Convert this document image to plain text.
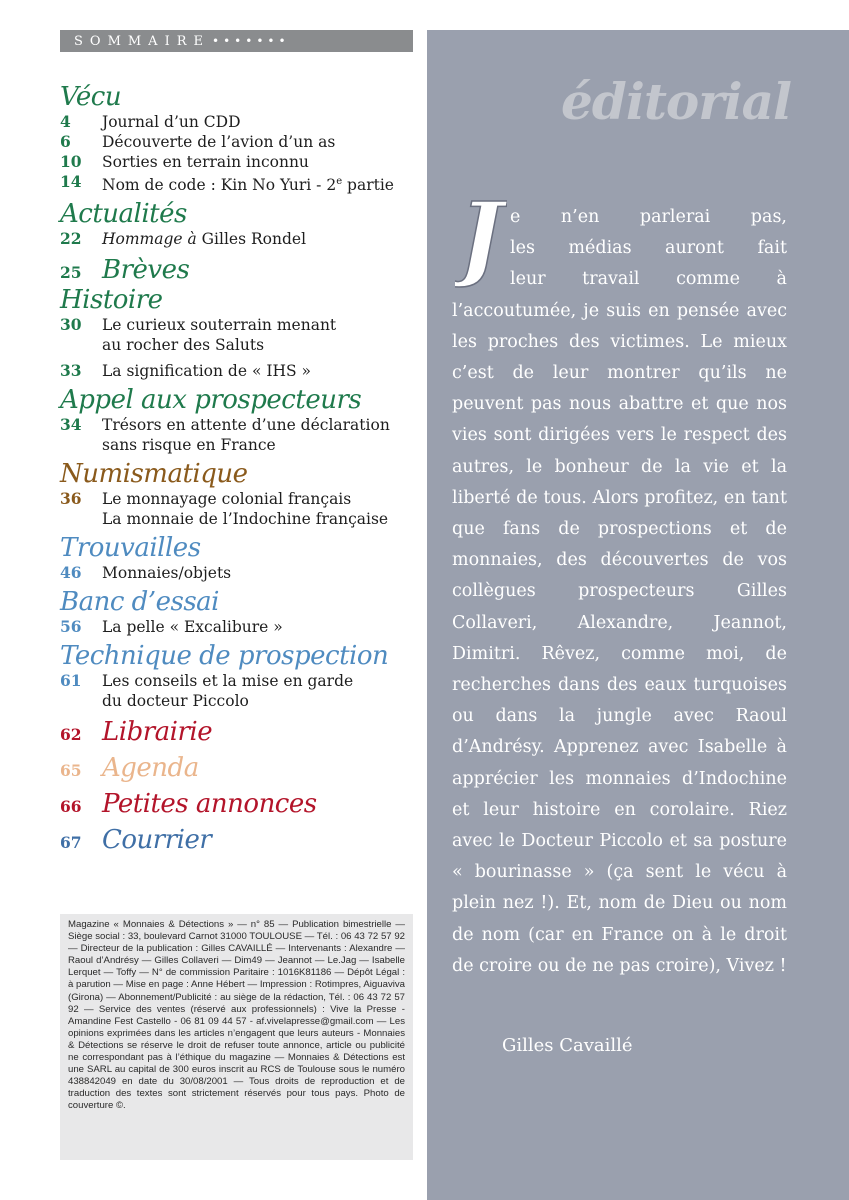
SOMMAIRE •••••••
Vécu
4	Journal d’un CDD
6	Découverte de l’avion d’un as
10	Sorties en terrain inconnu
14	Nom de code : Kin No Yuri - 2e partie
Actualités
22	Hommage à Gilles Rondel
25 Brèves
Histoire
30	Le curieux souterrain menant
au rocher des Saluts
33	La signification de « IHS »
Appel aux prospecteurs
34	Trésors en attente d’une déclaration
sans risque en France
Numismatique
36	Le monnayage colonial français
La monnaie de l’Indochine française
Trouvailles
46	Monnaies/objets
Banc d’essai
56	La pelle « Excalibure »
Technique de prospection
61	Les conseils et la mise en garde
du docteur Piccolo
62 Librairie
65 Agenda
66 Petites annonces
67 Courrier
Magazine « Monnaies & Détections » — n° 85 — Publication bimestrielle — Siège social : 33, boulevard Carnot 31000 TOULOUSE — Tél. : 06 43 72 57 92 — Directeur de la publication : Gilles CAVAILLÉ — Intervenants : Alexandre — Raoul d’Andrésy — Gilles Collaveri — Dim49 — Jeannot — Le.Jag — Isabelle Lerquet — Toffy — N° de commission Paritaire : 1016K81186 — Dépôt Légal : à parution — Mise en page : Anne Hébert — Impression : Rotimpres, Aiguaviva (Girona) — Abonnement/Publicité : au siège de la rédaction, Tél. : 06 43 72 57 92 — Service des ventes (réservé aux professionnels) : Vive la Presse - Amandine Fest Castello - 06 81 09 44 57 - af.vivelapresse@gmail.com — Les opinions exprimées dans les articles n’engagent que leurs auteurs - Monnaies & Détections se réserve le droit de refuser toute annonce, article ou publicité ne correspondant pas à l’éthique du magazine — Monnaies & Détections est une SARL au capital de 300 euros inscrit au RCS de Toulouse sous le numéro 438842049 en date du 30/08/2001 — Tous droits de reproduction et de traduction des textes sont strictement réservés pour tous pays. Photo de couverture ©.
éditorial
J e n’en parlerai pas,
les médias auront fait
leur travail comme à
l’accoutumée, je suis en pensée avec les proches des victimes. Le mieux c’est de leur montrer qu’ils ne peuvent pas nous abattre et que nos vies sont dirigées vers le respect des autres, le bonheur de la vie et la liberté de tous. Alors profitez, en tant que fans de prospections et de monnaies, des découvertes de vos collègues prospecteurs Gilles Collaveri, Alexandre, Jeannot, Dimitri. Rêvez, comme moi, de recherches dans des eaux turquoises ou dans la jungle avec Raoul d’Andrésy. Apprenez avec Isabelle à apprécier les monnaies d’Indochine et leur histoire en corolaire. Riez avec le Docteur Piccolo et sa posture « bourinasse » (ça sent le vécu à plein nez !). Et, nom de Dieu ou nom de nom (car en France on à le droit de croire ou de ne pas croire), Vivez !
Gilles Cavaillé
